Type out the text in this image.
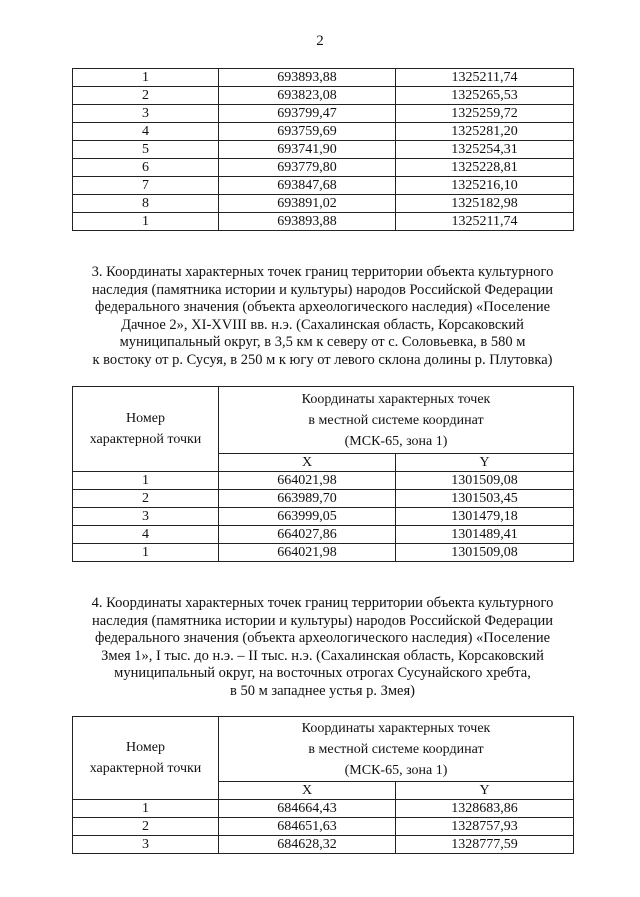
2
1	693893,88	1325211,74
2	693823,08	1325265,53
3	693799,47	1325259,72
4	693759,69	1325281,20
5	693741,90	1325254,31
6	693779,80	1325228,81
7	693847,68	1325216,10
8	693891,02	1325182,98
1	693893,88	1325211,74
3. Координаты характерных точек границ территории объекта культурного
наследия (памятника истории и культуры) народов Российской Федерации
федерального значения (объекта археологического наследия) «Поселение
Дачное 2», XI-XVIII вв. н.э. (Сахалинская область, Корсаковский
муниципальный округ, в 3,5 км к северу от с. Соловьевка, в 580 м
к востоку от р. Сусуя, в 250 м к югу от левого склона долины р. Плутовка)
Номер
характерной точки	Координаты характерных точек
в местной системе координат
(МСК-65, зона 1)	
	X	Y
1	664021,98	1301509,08
2	663989,70	1301503,45
3	663999,05	1301479,18
4	664027,86	1301489,41
1	664021,98	1301509,08
4. Координаты характерных точек границ территории объекта культурного
наследия (памятника истории и культуры) народов Российской Федерации
федерального значения (объекта археологического наследия) «Поселение
Змея 1», I тыс. до н.э. – II тыс. н.э. (Сахалинская область, Корсаковский
муниципальный округ, на восточных отрогах Сусунайского хребта,
в 50 м западнее устья р. Змея)
Номер
характерной точки	Координаты характерных точек
в местной системе координат
(МСК-65, зона 1)	
	X	Y
1	684664,43	1328683,86
2	684651,63	1328757,93
3	684628,32	1328777,59
